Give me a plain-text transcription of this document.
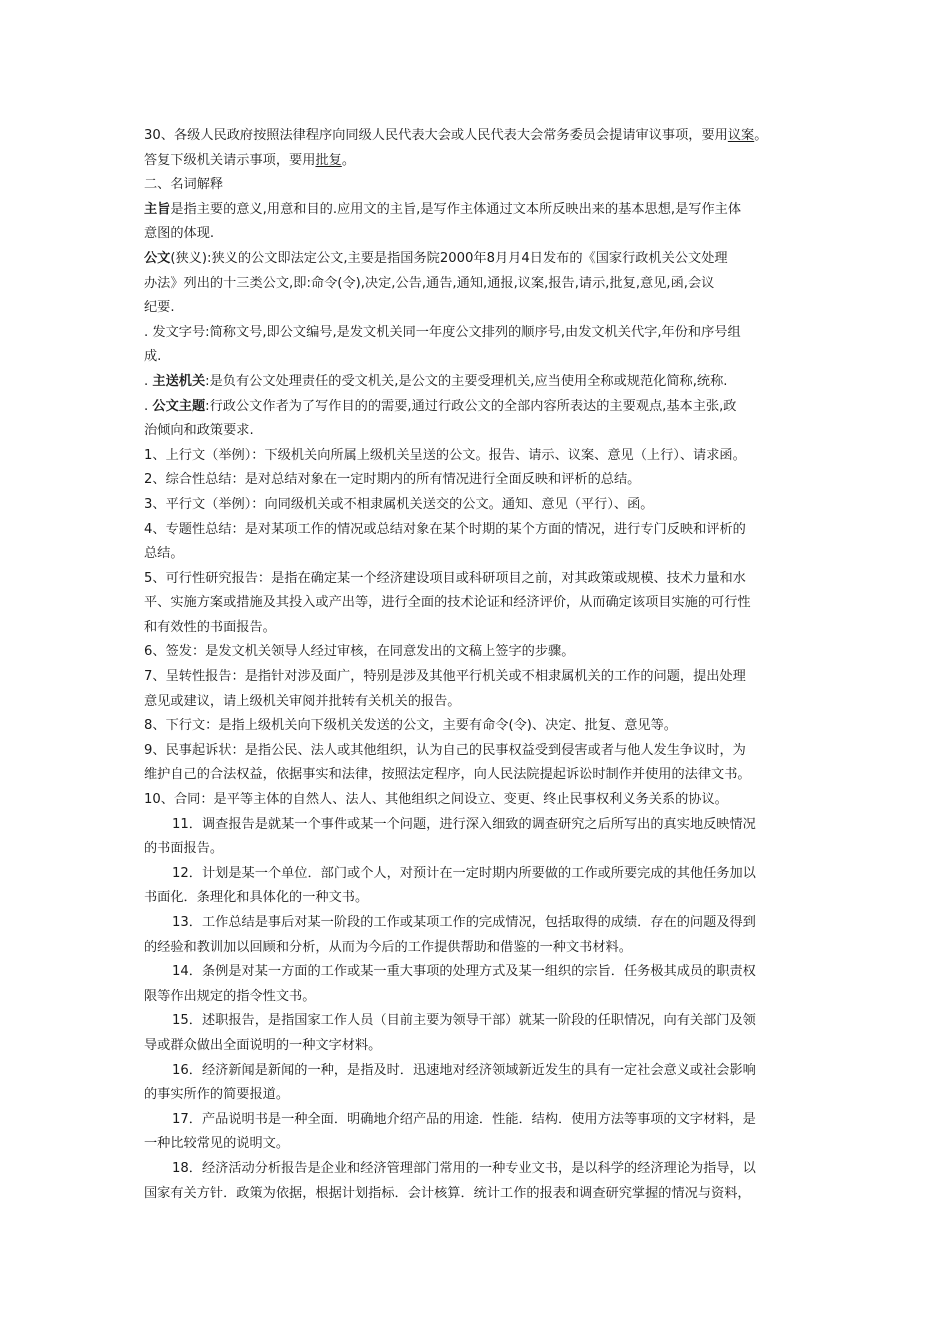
30、各级人民政府按照法律程序向同级人民代表大会或人民代表大会常务委员会提请审议事项，要用议案。
答复下级机关请示事项，要用批复。
二、名词解释
主旨是指主要的意义,用意和目的.应用文的主旨,是写作主体通过文本所反映出来的基本思想,是写作主体
意图的体现.
公文(狭义):狭义的公文即法定公文,主要是指国务院2000年8月月4日发布的《国家行政机关公文处理
办法》列出的十三类公文,即:命令(令),决定,公告,通告,通知,通报,议案,报告,请示,批复,意见,函,会议
纪要.
. 发文字号:简称文号,即公文编号,是发文机关同一年度公文排列的顺序号,由发文机关代字,年份和序号组
成.
. 主送机关:是负有公文处理责任的受文机关,是公文的主要受理机关,应当使用全称或规范化简称,统称.
. 公文主题:行政公文作者为了写作目的的需要,通过行政公文的全部内容所表达的主要观点,基本主张,政
治倾向和政策要求.
1、上行文（举例）：下级机关向所属上级机关呈送的公文。报告、请示、议案、意见（上行）、请求函。
2、综合性总结：是对总结对象在一定时期内的所有情况进行全面反映和评析的总结。
3、平行文（举例）：向同级机关或不相隶属机关送交的公文。通知、意见（平行）、函。
4、专题性总结：是对某项工作的情况或总结对象在某个时期的某个方面的情况，进行专门反映和评析的
总结。
5、可行性研究报告：是指在确定某一个经济建设项目或科研项目之前，对其政策或规模、技术力量和水
平、实施方案或措施及其投入或产出等，进行全面的技术论证和经济评价，从而确定该项目实施的可行性
和有效性的书面报告。
6、签发：是发文机关领导人经过审核，在同意发出的文稿上签字的步骤。
7、呈转性报告：是指针对涉及面广，特别是涉及其他平行机关或不相隶属机关的工作的问题，提出处理
意见或建议，请上级机关审阅并批转有关机关的报告。
8、下行文：是指上级机关向下级机关发送的公文，主要有命令(令)、决定、批复、意见等。
9、民事起诉状：是指公民、法人或其他组织，认为自己的民事权益受到侵害或者与他人发生争议时，为
维护自己的合法权益，依据事实和法律，按照法定程序，向人民法院提起诉讼时制作并使用的法律文书。
10、合同：是平等主体的自然人、法人、其他组织之间设立、变更、终止民事权利义务关系的协议。
11．调查报告是就某一个事件或某一个问题，进行深入细致的调查研究之后所写出的真实地反映情况
的书面报告。
12．计划是某一个单位．部门或个人，对预计在一定时期内所要做的工作或所要完成的其他任务加以
书面化．条理化和具体化的一种文书。
13．工作总结是事后对某一阶段的工作或某项工作的完成情况，包括取得的成绩．存在的问题及得到
的经验和教训加以回顾和分析，从而为今后的工作提供帮助和借鉴的一种文书材料。
14．条例是对某一方面的工作或某一重大事项的处理方式及某一组织的宗旨．任务极其成员的职责权
限等作出规定的指令性文书。
15．述职报告，是指国家工作人员（目前主要为领导干部）就某一阶段的任职情况，向有关部门及领
导或群众做出全面说明的一种文字材料。
16．经济新闻是新闻的一种，是指及时．迅速地对经济领域新近发生的具有一定社会意义或社会影响
的事实所作的简要报道。
17．产品说明书是一种全面．明确地介绍产品的用途．性能．结构．使用方法等事项的文字材料，是
一种比较常见的说明文。
18．经济活动分析报告是企业和经济管理部门常用的一种专业文书，是以科学的经济理论为指导，以
国家有关方针．政策为依据，根据计划指标．会计核算．统计工作的报表和调查研究掌握的情况与资料，
